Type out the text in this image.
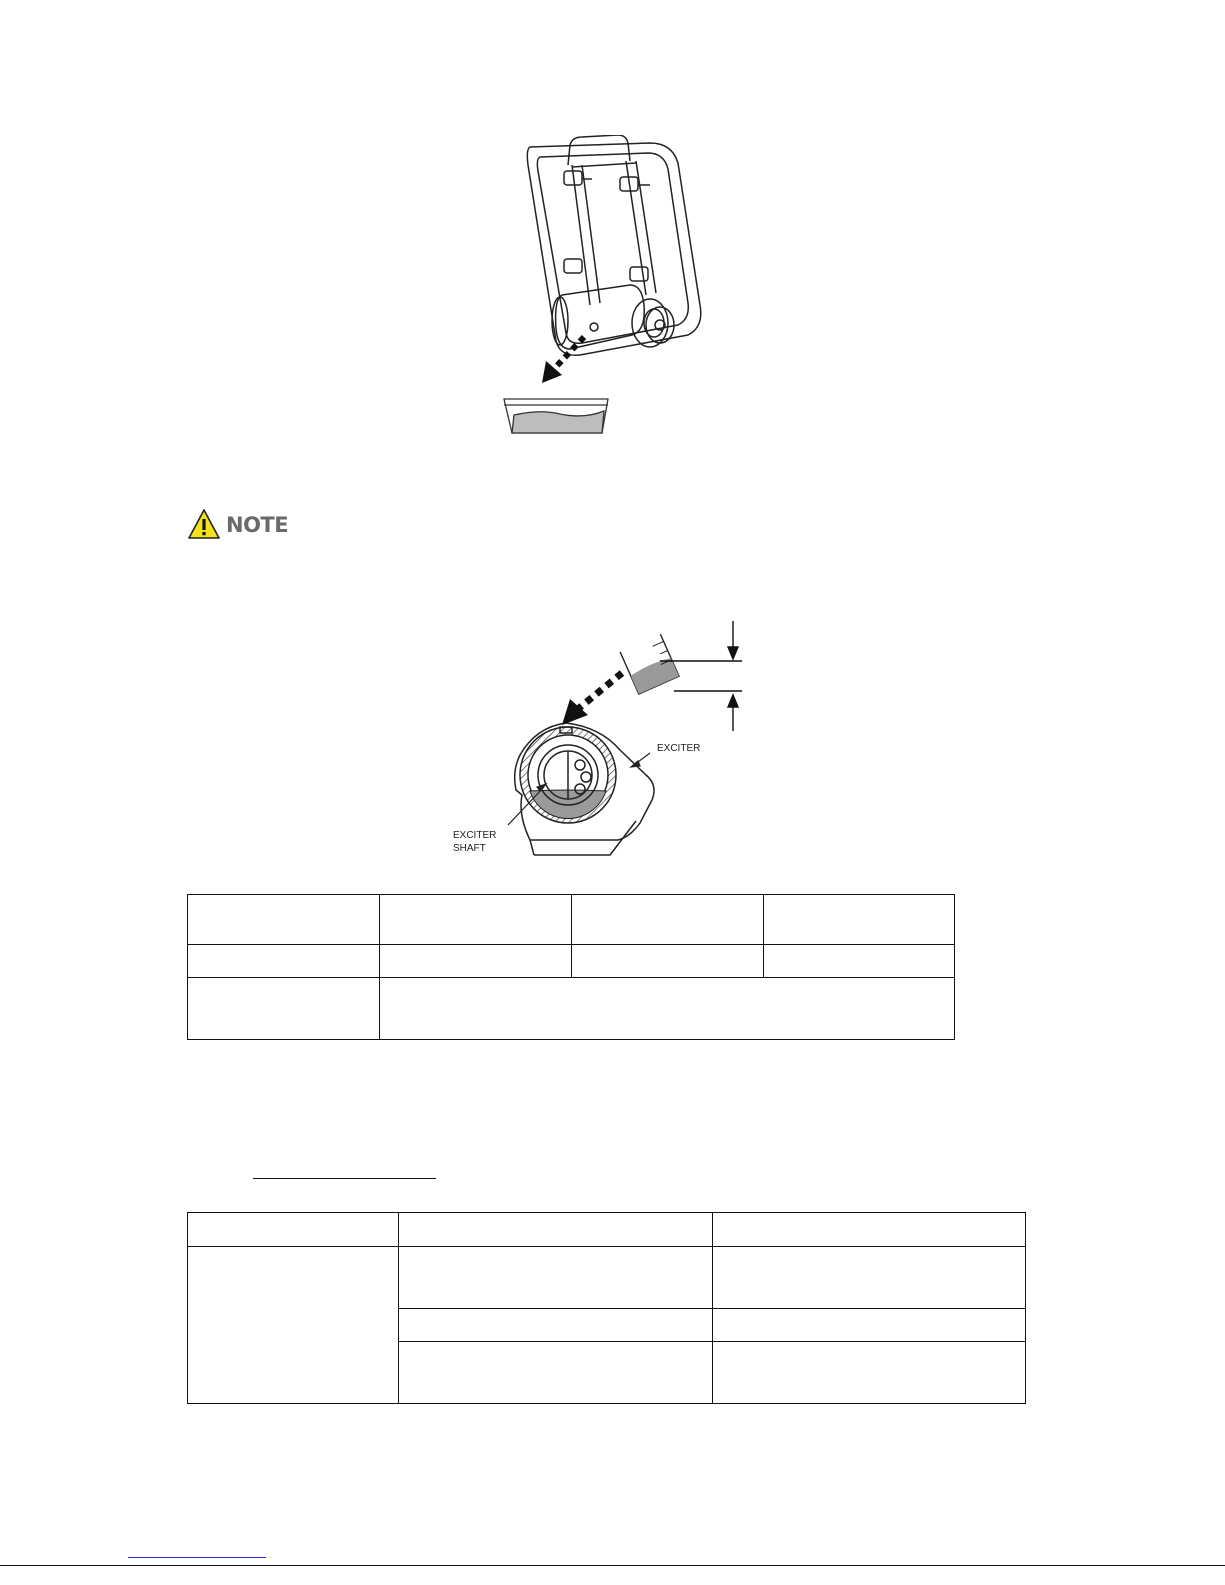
NOTE
EXCITER
EXCITER
SHAFT
